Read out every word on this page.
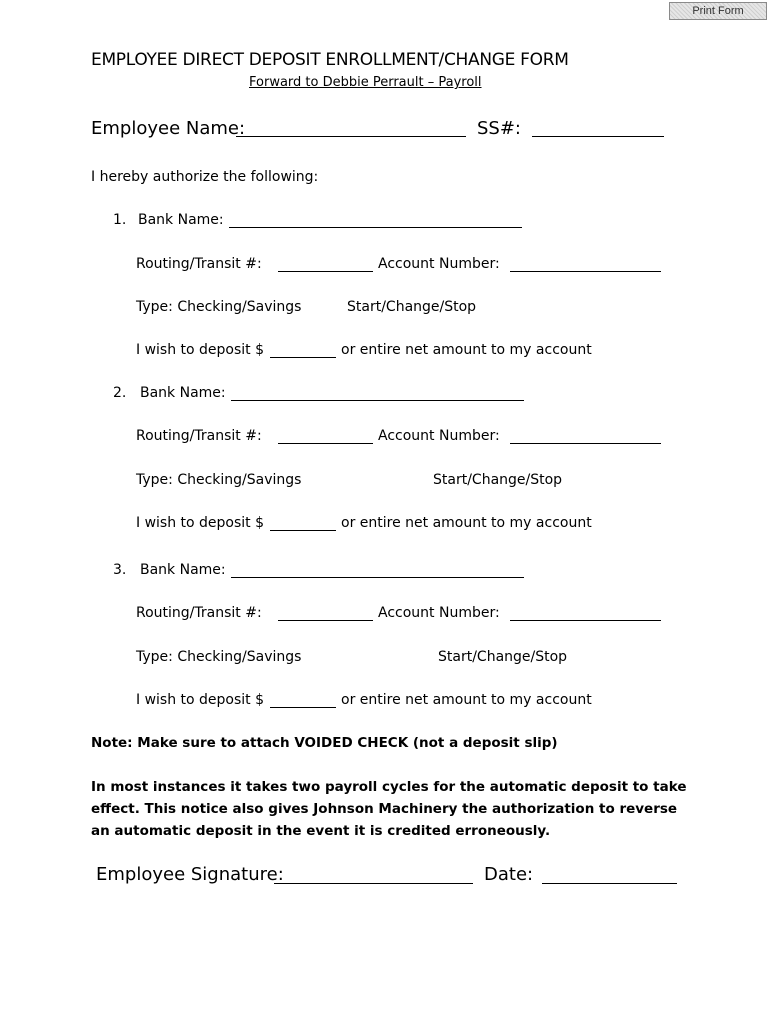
Print Form
EMPLOYEE DIRECT DEPOSIT ENROLLMENT/CHANGE FORM
Forward to Debbie Perrault – Payroll
Employee Name:	SS#:
I hereby authorize the following:
1. Bank Name:
Routing/Transit #:	Account Number:
Type: Checking/Savings	Start/Change/Stop
I wish to deposit $	or entire net amount to my account
2. Bank Name:
Routing/Transit #:	Account Number:
Type: Checking/Savings	Start/Change/Stop
I wish to deposit $	or entire net amount to my account
3. Bank Name:
Routing/Transit #:	Account Number:
Type: Checking/Savings	Start/Change/Stop
I wish to deposit $	or entire net amount to my account
Note: Make sure to attach VOIDED CHECK (not a deposit slip)
In most instances it takes two payroll cycles for the automatic deposit to take effect. This notice also gives Johnson Machinery the authorization to reverse an automatic deposit in the event it is credited erroneously.
Employee Signature:	Date:
